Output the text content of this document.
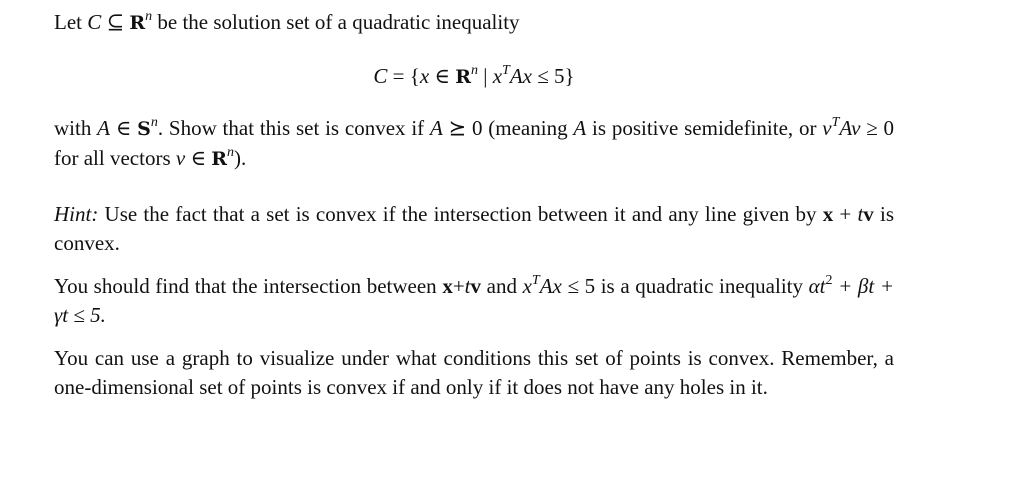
Let C ⊆ $R^n$ be the solution set of a quadratic inequality

C = {x ∈ $R^n$ | $x^TAx \le 5$}

with A ∈ $S^n$. Show that this set is convex if A ⪰ 0 (meaning A is positive semidefinite, or $v^TAv \ge 0$ for all vectors v ∈ $R^n$).

Hint: Use the fact that a set is convex if the intersection between it and any line given by x + tv is convex.

You should find that the intersection between x+tv and $x^TAx \le 5$ is a quadratic inequality $\alpha t^2 + \beta t + \gamma t \le 5$.

You can use a graph to visualize under what conditions this set of points is convex. Remember, a one-dimensional set of points is convex if and only if it does not have any holes in it.
